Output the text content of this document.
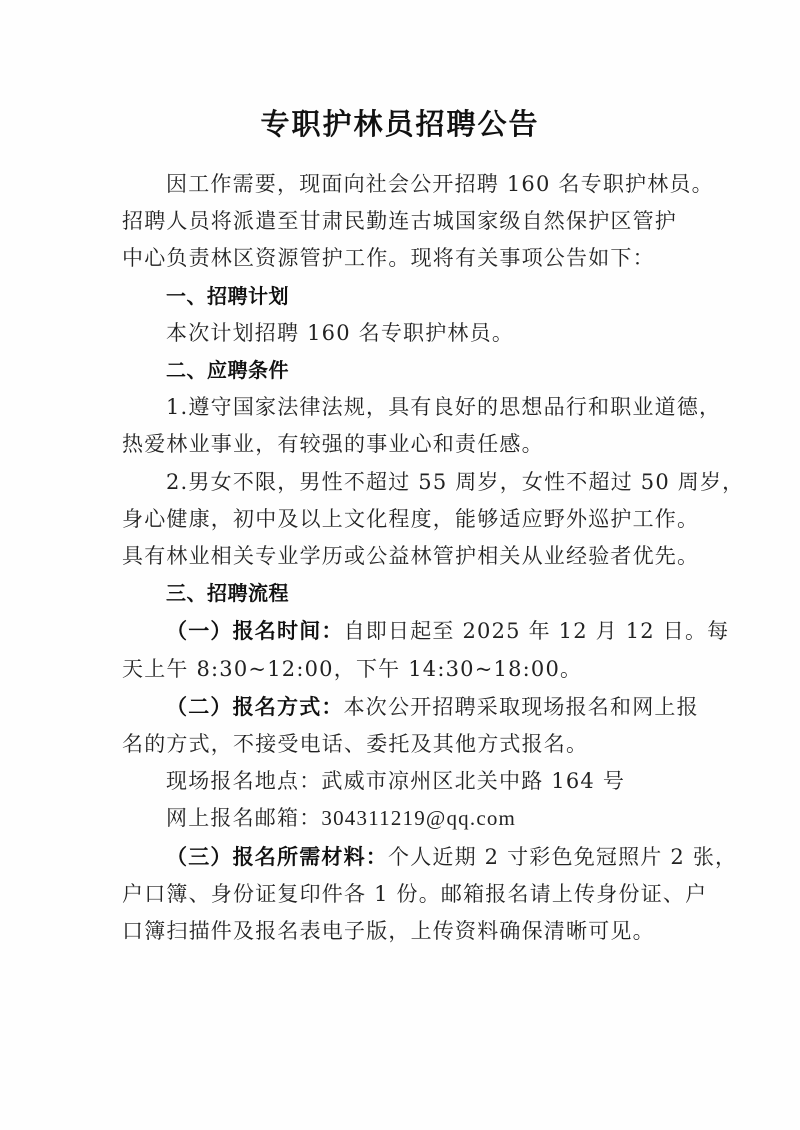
专职护林员招聘公告
因工作需要，现面向社会公开招聘 160 名专职护林员。
招聘人员将派遣至甘肃民勤连古城国家级自然保护区管护
中心负责林区资源管护工作。现将有关事项公告如下：
一、招聘计划
本次计划招聘 160 名专职护林员。
二、应聘条件
1.遵守国家法律法规，具有良好的思想品行和职业道德，
热爱林业事业，有较强的事业心和责任感。
2.男女不限，男性不超过 55 周岁，女性不超过 50 周岁，
身心健康，初中及以上文化程度，能够适应野外巡护工作。
具有林业相关专业学历或公益林管护相关从业经验者优先。
三、招聘流程
（一）报名时间：自即日起至 2025 年 12 月 12 日。每
天上午 8:30~12:00，下午 14:30~18:00。
（二）报名方式：本次公开招聘采取现场报名和网上报
名的方式，不接受电话、委托及其他方式报名。
现场报名地点：武威市凉州区北关中路 164 号
网上报名邮箱：304311219@qq.com
（三）报名所需材料：个人近期 2 寸彩色免冠照片 2 张，
户口簿、身份证复印件各 1 份。邮箱报名请上传身份证、户
口簿扫描件及报名表电子版，上传资料确保清晰可见。
